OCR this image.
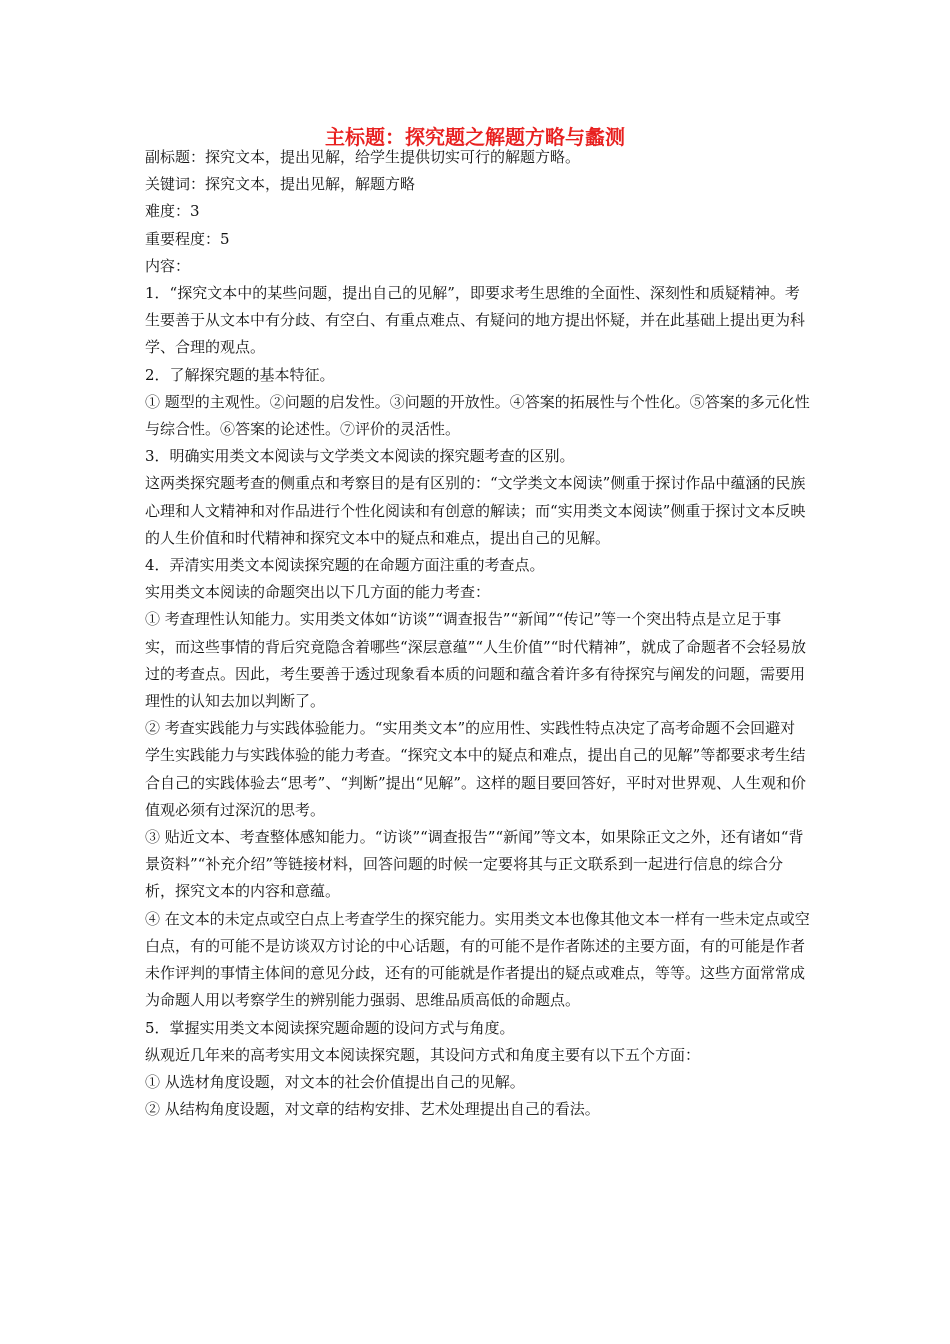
主标题：探究题之解题方略与蠡测

副标题：探究文本，提出见解，给学生提供切实可行的解题方略。

关键词：探究文本，提出见解，解题方略

难度：3

重要程度：5

内容：

1．“探究文本中的某些问题，提出自己的见解”，即要求考生思维的全面性、深刻性和质疑精神。考生要善于从文本中有分歧、有空白、有重点难点、有疑问的地方提出怀疑，并在此基础上提出更为科学、合理的观点。

2．了解探究题的基本特征。

① 题型的主观性。②问题的启发性。③问题的开放性。④答案的拓展性与个性化。⑤答案的多元化性与综合性。⑥答案的论述性。⑦评价的灵活性。

3．明确实用类文本阅读与文学类文本阅读的探究题考查的区别。

这两类探究题考查的侧重点和考察目的是有区别的：“文学类文本阅读”侧重于探讨作品中蕴涵的民族心理和人文精神和对作品进行个性化阅读和有创意的解读；而“实用类文本阅读”侧重于探讨文本反映的人生价值和时代精神和探究文本中的疑点和难点，提出自己的见解。

4．弄清实用类文本阅读探究题的在命题方面注重的考查点。

实用类文本阅读的命题突出以下几方面的能力考查：

① 考查理性认知能力。实用类文体如“访谈”“调查报告”“新闻”“传记”等一个突出特点是立足于事实，而这些事情的背后究竟隐含着哪些“深层意蕴”“人生价值”“时代精神”，就成了命题者不会轻易放过的考查点。因此，考生要善于透过现象看本质的问题和蕴含着许多有待探究与阐发的问题，需要用理性的认知去加以判断了。

② 考查实践能力与实践体验能力。“实用类文本”的应用性、实践性特点决定了高考命题不会回避对学生实践能力与实践体验的能力考查。“探究文本中的疑点和难点，提出自己的见解”等都要求考生结合自己的实践体验去“思考”、“判断”提出“见解”。这样的题目要回答好，平时对世界观、人生观和价值观必须有过深沉的思考。

③ 贴近文本、考查整体感知能力。“访谈”“调查报告”“新闻”等文本，如果除正文之外，还有诸如“背景资料”“补充介绍”等链接材料，回答问题的时候一定要将其与正文联系到一起进行信息的综合分析，探究文本的内容和意蕴。

④ 在文本的未定点或空白点上考查学生的探究能力。实用类文本也像其他文本一样有一些未定点或空白点，有的可能不是访谈双方讨论的中心话题，有的可能不是作者陈述的主要方面，有的可能是作者未作评判的事情主体间的意见分歧，还有的可能就是作者提出的疑点或难点，等等。这些方面常常成为命题人用以考察学生的辨别能力强弱、思维品质高低的命题点。

5．掌握实用类文本阅读探究题命题的设问方式与角度。

纵观近几年来的高考实用文本阅读探究题，其设问方式和角度主要有以下五个方面：

① 从选材角度设题，对文本的社会价值提出自己的见解。

② 从结构角度设题，对文章的结构安排、艺术处理提出自己的看法。
